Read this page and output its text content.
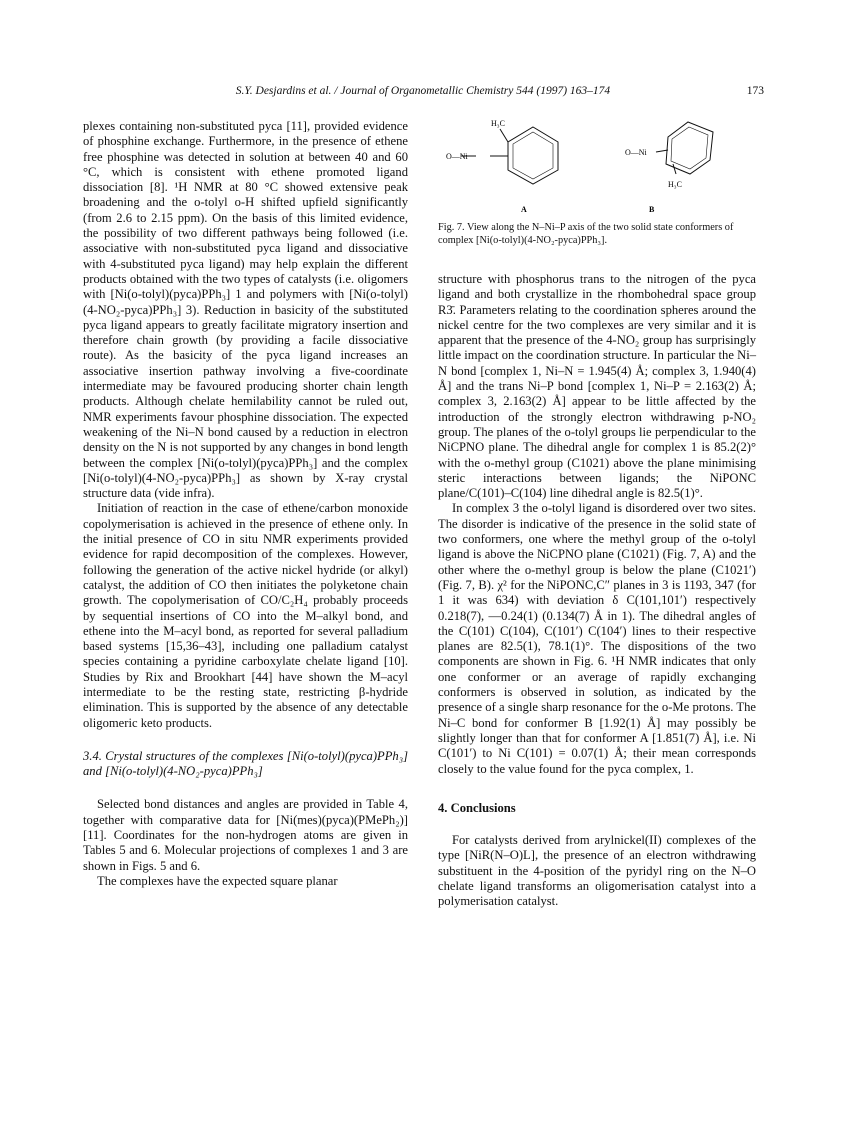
S.Y. Desjardins et al. / Journal of Organometallic Chemistry 544 (1997) 163–174	173

plexes containing non-substituted pyca [11], provided evidence of phosphine exchange. Furthermore, in the presence of ethene free phosphine was detected in solution at between 40 and 60 °C, which is consistent with ethene promoted ligand dissociation [8]. ¹H NMR at 80 °C showed extensive peak broadening and the o-tolyl o-H shifted upfield significantly (from 2.6 to 2.15 ppm). On the basis of this limited evidence, the possibility of two different pathways being followed (i.e. associative with non-substituted pyca ligand and dissociative with 4-substituted pyca ligand) may help explain the different products obtained with the two types of catalysts (i.e. oligomers with [Ni(o-tolyl)(pyca)PPh₃] 1 and polymers with [Ni(o-tolyl)(4-NO₂-pyca)PPh₃] 3). Reduction in basicity of the substituted pyca ligand appears to greatly facilitate migratory insertion and therefore chain growth (by providing a facile dissociative route). As the basicity of the pyca ligand increases an associative insertion pathway involving a five-coordinate intermediate may be favoured producing shorter chain length products. Although chelate hemilability cannot be ruled out, NMR experiments favour phosphine dissociation. The expected weakening of the Ni–N bond caused by a reduction in electron density on the N is not supported by any changes in bond length between the complex [Ni(o-tolyl)(pyca)PPh₃] and the complex [Ni(o-tolyl)(4-NO₂-pyca)PPh₃] as shown by X-ray crystal structure data (vide infra).

Initiation of reaction in the case of ethene/carbon monoxide copolymerisation is achieved in the presence of ethene only. In the initial presence of CO in situ NMR experiments provided evidence for rapid decomposition of the complexes. However, following the generation of the active nickel hydride (or alkyl) catalyst, the addition of CO then initiates the polyketone chain growth. The copolymerisation of CO/C₂H₄ probably proceeds by sequential insertions of CO into the M–alkyl bond, and ethene into the M–acyl bond, as reported for several palladium based systems [15,36–43], including one palladium catalyst species containing a pyridine carboxylate chelate ligand [10]. Studies by Rix and Brookhart [44] have shown the M–acyl intermediate to be the resting state, restricting β-hydride elimination. This is supported by the absence of any detectable oligomeric keto products.

3.4. Crystal structures of the complexes [Ni(o-tolyl)(pyca)PPh₃] and [Ni(o-tolyl)(4-NO₂-pyca)PPh₃]

Selected bond distances and angles are provided in Table 4, together with comparative data for [Ni(mes)(pyca)(PMePh₂)] [11]. Coordinates for the non-hydrogen atoms are given in Tables 5 and 6. Molecular projections of complexes 1 and 3 are shown in Figs. 5 and 6.

The complexes have the expected square planar

H₃C
O—Ni
A
O—Ni
H₃C
B
Fig. 7. View along the N–Ni–P axis of the two solid state conformers of complex [Ni(o-tolyl)(4-NO₂-pyca)PPh₃].

structure with phosphorus trans to the nitrogen of the pyca ligand and both crystallize in the rhombohedral space group R3̄. Parameters relating to the coordination spheres around the nickel centre for the two complexes are very similar and it is apparent that the presence of the 4-NO₂ group has surprisingly little impact on the coordination structure. In particular the Ni–N bond [complex 1, Ni–N = 1.945(4) Å; complex 3, 1.940(4) Å] and the trans Ni–P bond [complex 1, Ni–P = 2.163(2) Å; complex 3, 2.163(2) Å] appear to be little affected by the introduction of the strongly electron withdrawing p-NO₂ group. The planes of the o-tolyl groups lie perpendicular to the NiCPNO plane. The dihedral angle for complex 1 is 85.2(2)° with the o-methyl group (C1021) above the plane minimising steric interactions between ligands; the NiPONC plane/C(101)–C(104) line dihedral angle is 82.5(1)°.

In complex 3 the o-tolyl ligand is disordered over two sites. The disorder is indicative of the presence in the solid state of two conformers, one where the methyl group of the o-tolyl ligand is above the NiCPNO plane (C1021) (Fig. 7, A) and the other where the o-methyl group is below the plane (C1021′) (Fig. 7, B). χ² for the NiPONC,C″ planes in 3 is 1193, 347 (for 1 it was 634) with deviation δ C(101,101′) respectively 0.218(7), —0.24(1) (0.134(7) Å in 1). The dihedral angles of the C(101) C(104), C(101′) C(104′) lines to their respective planes are 82.5(1), 78.1(1)°. The dispositions of the two components are shown in Fig. 6. ¹H NMR indicates that only one conformer or an average of rapidly exchanging conformers is observed in solution, as indicated by the presence of a single sharp resonance for the o-Me protons. The Ni–C bond for conformer B [1.92(1) Å] may possibly be slightly longer than that for conformer A [1.851(7) Å], i.e. Ni C(101′) to Ni C(101) = 0.07(1) Å; their mean corresponds closely to the value found for the pyca complex, 1.

4. Conclusions

For catalysts derived from arylnickel(II) complexes of the type [NiR(N–O)L], the presence of an electron withdrawing substituent in the 4-position of the pyridyl ring on the N–O chelate ligand transforms an oligomerisation catalyst into a polymerisation catalyst.
